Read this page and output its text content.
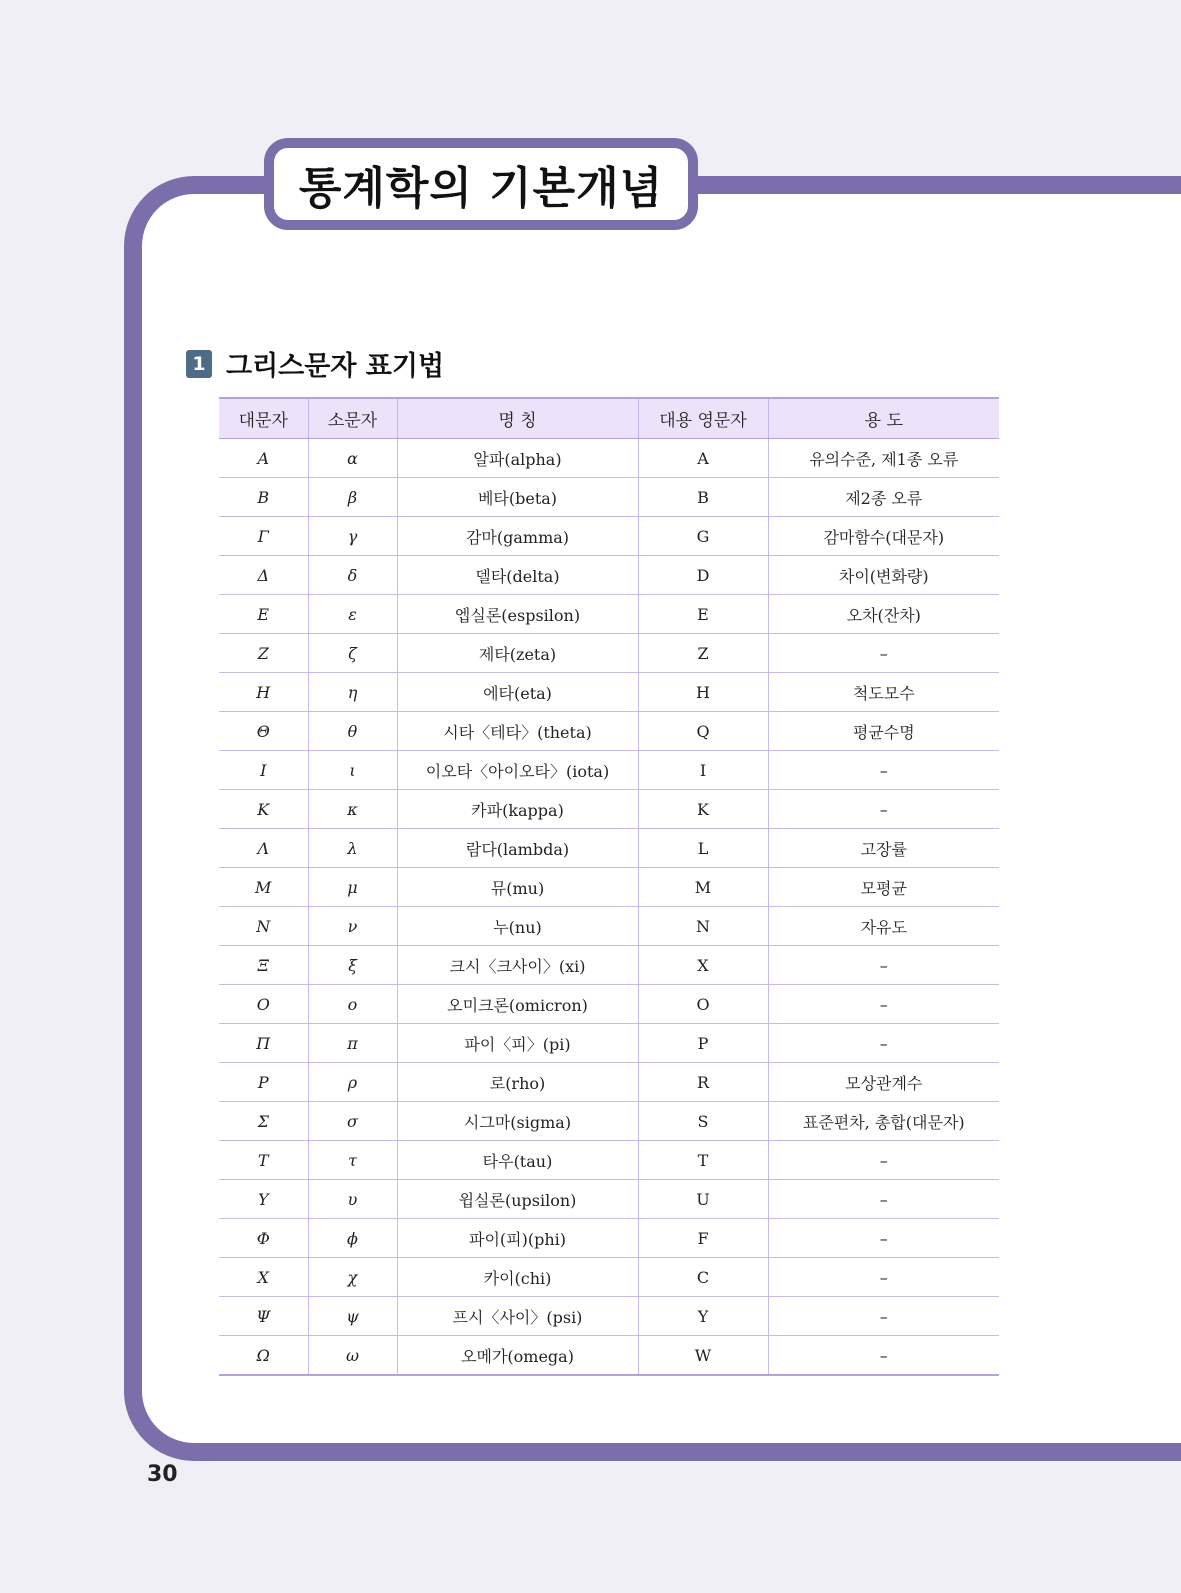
통계학의 기본개념
1 그리스문자 표기법
대문자	소문자	명 칭	대용 영문자	용 도
Α	α	알파(alpha)	A	유의수준, 제1종 오류
Β	β	베타(beta)	B	제2종 오류
Γ	γ	감마(gamma)	G	감마함수(대문자)
Δ	δ	델타(delta)	D	차이(변화량)
Ε	ε	엡실론(espsilon)	E	오차(잔차)
Ζ	ζ	제타(zeta)	Z	–
Η	η	에타(eta)	H	척도모수
Θ	θ	시타〈테타〉(theta)	Q	평균수명
Ι	ι	이오타〈아이오타〉(iota)	I	–
Κ	κ	카파(kappa)	K	–
Λ	λ	람다(lambda)	L	고장률
Μ	μ	뮤(mu)	M	모평균
Ν	ν	누(nu)	N	자유도
Ξ	ξ	크시〈크사이〉(xi)	X	–
Ο	ο	오미크론(omicron)	O	–
Π	π	파이〈피〉(pi)	P	–
Ρ	ρ	로(rho)	R	모상관계수
Σ	σ	시그마(sigma)	S	표준편차, 총합(대문자)
Τ	τ	타우(tau)	T	–
Υ	υ	윕실론(upsilon)	U	–
Φ	ϕ	파이(피)(phi)	F	–
Χ	χ	카이(chi)	C	–
Ψ	ψ	프시〈사이〉(psi)	Y	–
Ω	ω	오메가(omega)	W	–
30
